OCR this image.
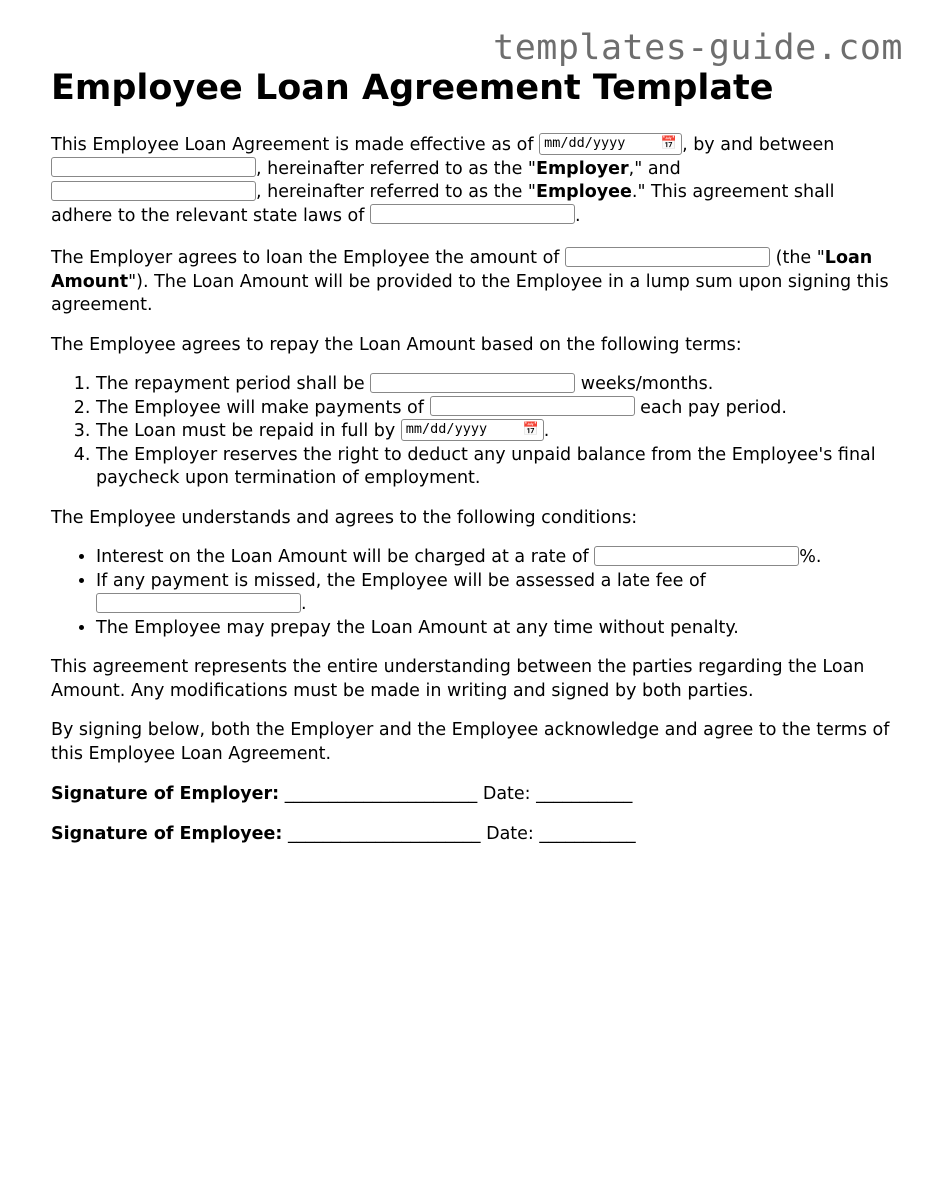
templates-guide.com
Employee Loan Agreement Template

This Employee Loan Agreement is made effective as of mm/dd/yyyy	📅 , by and between
, hereinafter referred to as the "Employer," and
, hereinafter referred to as the "Employee." This agreement shall adhere to the relevant state laws of	.

The Employer agrees to loan the Employee the amount of	(the "Loan Amount"). The Loan Amount will be provided to the Employee in a lump sum upon signing this agreement.

The Employee agrees to repay the Loan Amount based on the following terms:

1. The repayment period shall be	weeks/months.
2. The Employee will make payments of	each pay period.
3. The Loan must be repaid in full by mm/dd/yyyy	📅 .
4. The Employer reserves the right to deduct any unpaid balance from the Employee's final paycheck upon termination of employment.

The Employee understands and agrees to the following conditions:

• Interest on the Loan Amount will be charged at a rate of	%.
• If any payment is missed, the Employee will be assessed a late fee of
.
• The Employee may prepay the Loan Amount at any time without penalty.

This agreement represents the entire understanding between the parties regarding the Loan Amount. Any modifications must be made in writing and signed by both parties.

By signing below, both the Employer and the Employee acknowledge and agree to the terms of this Employee Loan Agreement.

Signature of Employer: ______________________ Date: ___________

Signature of Employee: ______________________ Date: ___________
